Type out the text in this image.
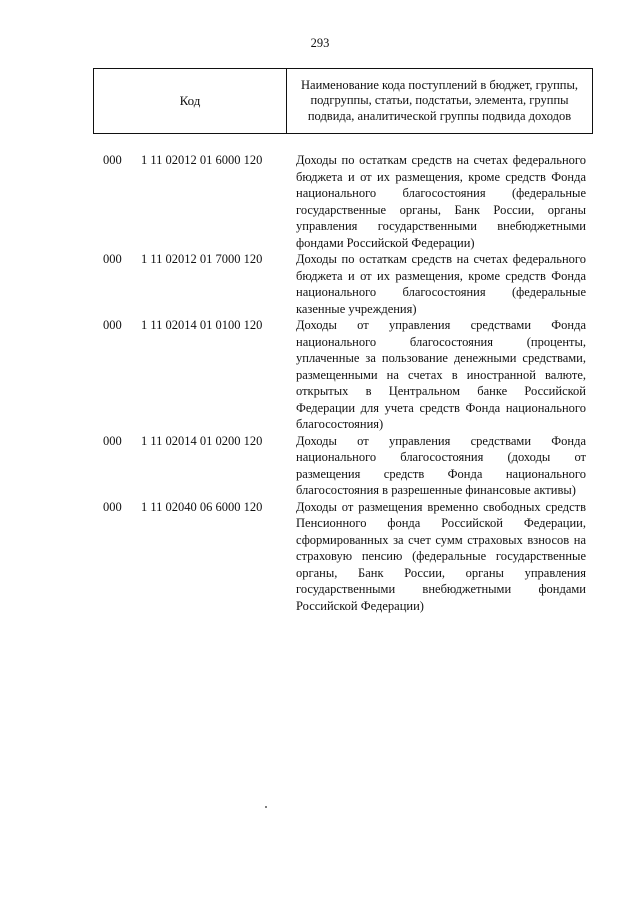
293
Код
Наименование кода поступлений в бюджет, группы, подгруппы, статьи, подстатьи, элемента, группы подвида, аналитической группы подвида доходов
000 1 11 02012 01 6000 120	Доходы по остаткам средств на счетах федерального бюджета и от их размещения, кроме средств Фонда национального благосостояния (федеральные государственные органы, Банк России, органы управления государственными внебюджетными фондами Российской Федерации)
000 1 11 02012 01 7000 120	Доходы по остаткам средств на счетах федерального бюджета и от их размещения, кроме средств Фонда национального благосостояния (федеральные казенные учреждения)
000 1 11 02014 01 0100 120	Доходы от управления средствами Фонда национального благосостояния (проценты, уплаченные за пользование денежными средствами, размещенными на счетах в иностранной валюте, открытых в Центральном банке Российской Федерации для учета средств Фонда национального благосостояния)
000 1 11 02014 01 0200 120	Доходы от управления средствами Фонда национального благосостояния (доходы от размещения средств Фонда национального благосостояния в разрешенные финансовые активы)
000 1 11 02040 06 6000 120	Доходы от размещения временно свободных средств Пенсионного фонда Российской Федерации, сформированных за счет сумм страховых взносов на страховую пенсию (федеральные государственные органы, Банк России, органы управления государственными внебюджетными фондами Российской Федерации)
